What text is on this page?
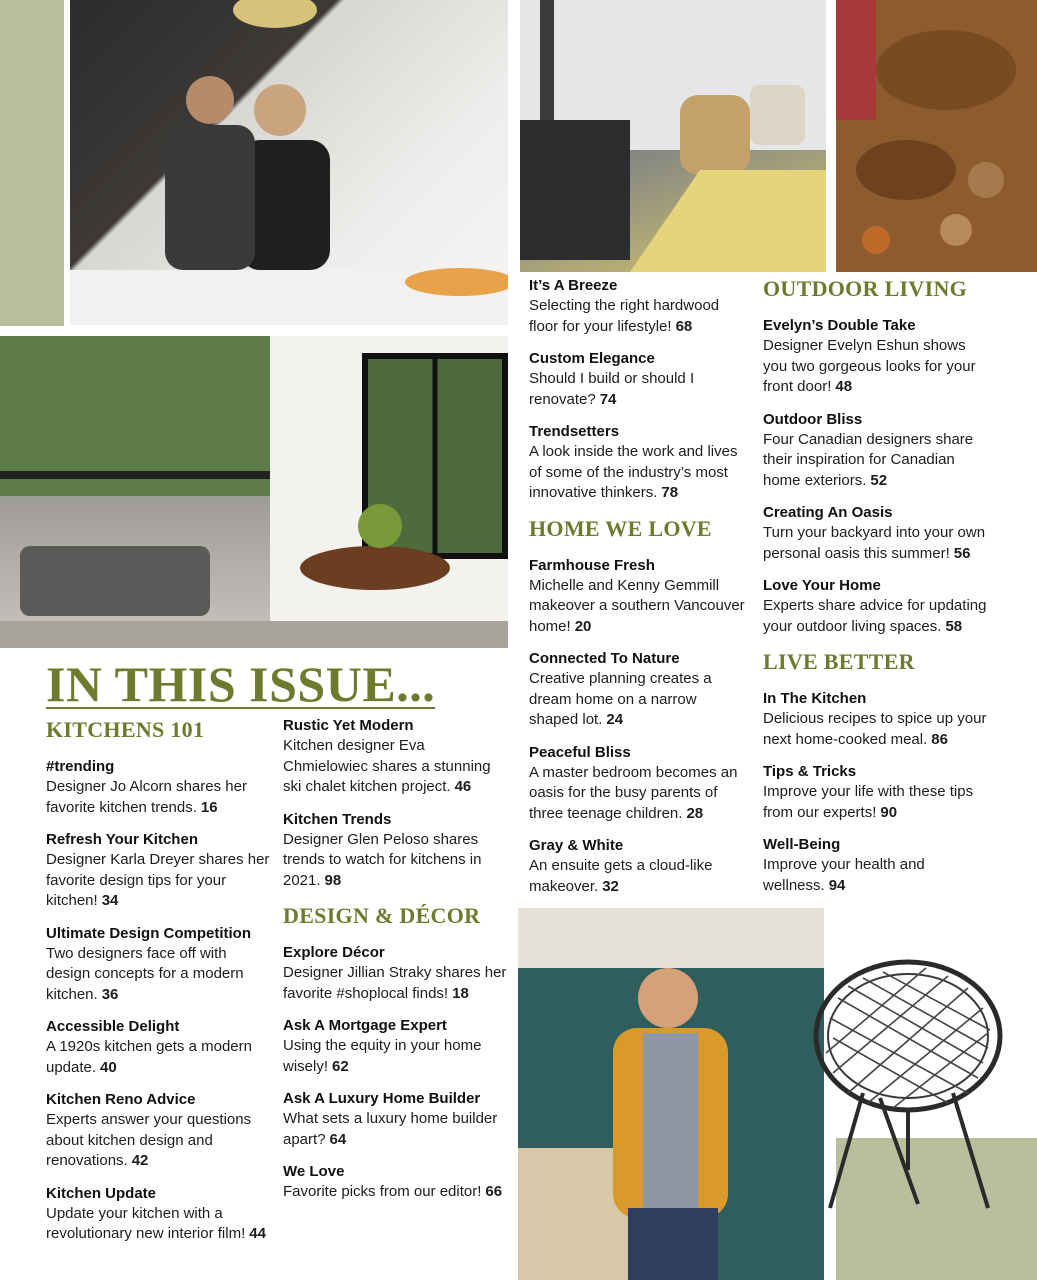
IN THIS ISSUE...
KITCHENS 101
#trending
Designer Jo Alcorn shares her favorite kitchen trends. 16
Refresh Your Kitchen
Designer Karla Dreyer shares her favorite design tips for your kitchen! 34
Ultimate Design Competition
Two designers face off with design concepts for a modern kitchen. 36
Accessible Delight
A 1920s kitchen gets a modern update. 40
Kitchen Reno Advice
Experts answer your questions about kitchen design and renovations. 42
Kitchen Update
Update your kitchen with a revolutionary new interior film! 44
Rustic Yet Modern
Kitchen designer Eva Chmielowiec shares a stunning ski chalet kitchen project. 46
Kitchen Trends
Designer Glen Peloso shares trends to watch for kitchens in 2021. 98
DESIGN & DÉCOR
Explore Décor
Designer Jillian Straky shares her favorite #shoplocal finds! 18
Ask A Mortgage Expert
Using the equity in your home wisely! 62
Ask A Luxury Home Builder
What sets a luxury home builder apart? 64
We Love
Favorite picks from our editor! 66
It’s A Breeze
Selecting the right hardwood floor for your lifestyle! 68
Custom Elegance
Should I build or should I renovate? 74
Trendsetters
A look inside the work and lives of some of the industry’s most innovative thinkers. 78
HOME WE LOVE
Farmhouse Fresh
Michelle and Kenny Gemmill makeover a southern Vancouver home! 20
Connected To Nature
Creative planning creates a dream home on a narrow shaped lot. 24
Peaceful Bliss
A master bedroom becomes an oasis for the busy parents of three teenage children. 28
Gray & White
An ensuite gets a cloud-like makeover. 32
OUTDOOR LIVING
Evelyn’s Double Take
Designer Evelyn Eshun shows you two gorgeous looks for your front door! 48
Outdoor Bliss
Four Canadian designers share their inspiration for Canadian home exteriors. 52
Creating An Oasis
Turn your backyard into your own personal oasis this summer! 56
Love Your Home
Experts share advice for updating your outdoor living spaces. 58
LIVE BETTER
In The Kitchen
Delicious recipes to spice up your next home-cooked meal. 86
Tips & Tricks
Improve your life with these tips from our experts! 90
Well-Being
Improve your health and wellness. 94
